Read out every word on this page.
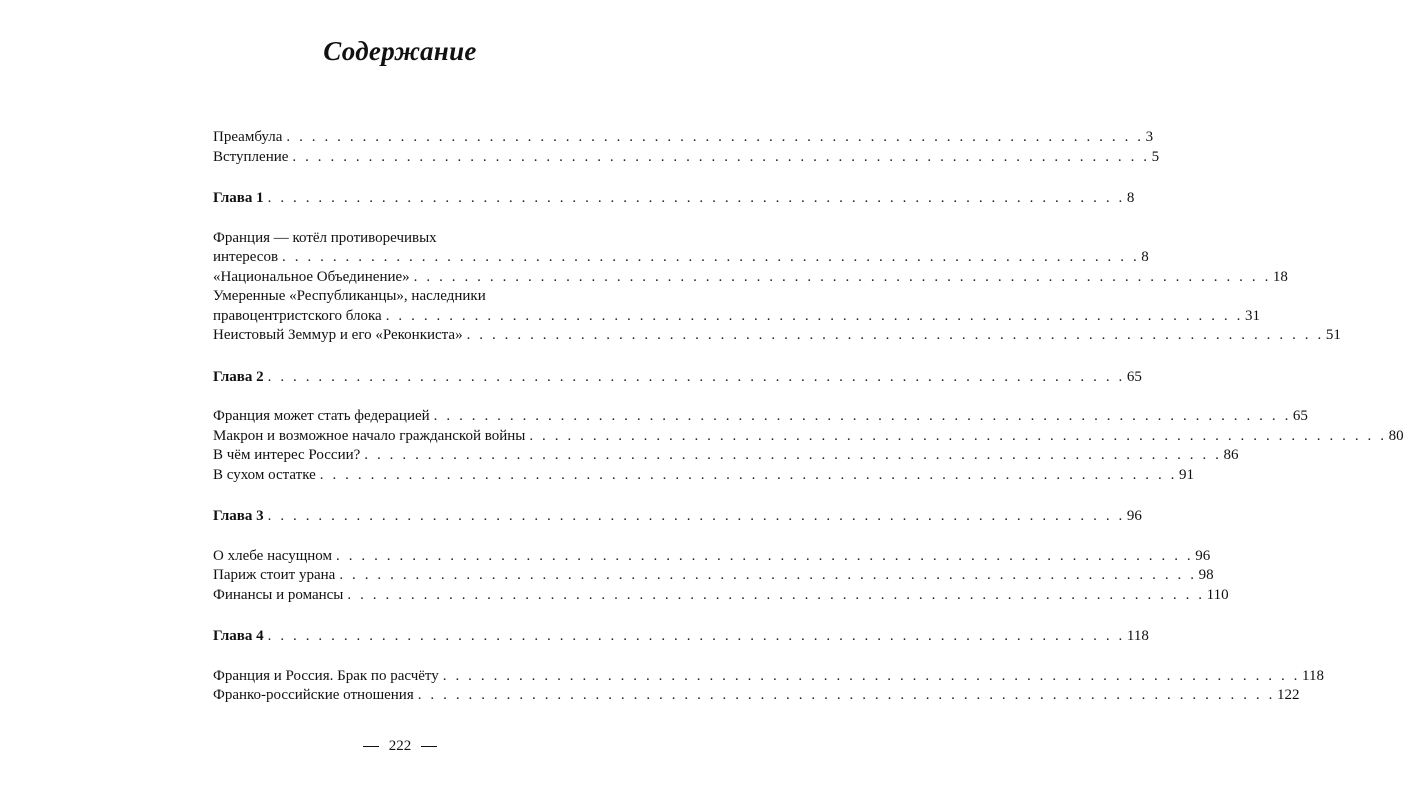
Содержание
Преамбула . . . . . . . . . . . . . . . . . . . . . . . . . . . . . . . . . . . . . . . . . . . . . . . . . . . . . . . . . . . . . . . . . . . . 3
Вступление . . . . . . . . . . . . . . . . . . . . . . . . . . . . . . . . . . . . . . . . . . . . . . . . . . . . . . . . . . . . . . . . . . . . 5
Глава 1 . . . . . . . . . . . . . . . . . . . . . . . . . . . . . . . . . . . . . . . . . . . . . . . . . . . . . . . . . . . . . . . . . . . . 8
Франция — котёл противоречивых
интересов . . . . . . . . . . . . . . . . . . . . . . . . . . . . . . . . . . . . . . . . . . . . . . . . . . . . . . . . . . . . . . . . . . . . 8
«Национальное Объединение» . . . . . . . . . . . . . . . . . . . . . . . . . . . . . . . . . . . . . . . . . . . . . . . . . . . . . . . . . . . . . . . . . . . . 18
Умеренные «Республиканцы», наследники
правоцентристского блока . . . . . . . . . . . . . . . . . . . . . . . . . . . . . . . . . . . . . . . . . . . . . . . . . . . . . . . . . . . . . . . . . . . . 31
Неистовый Земмур и его «Реконкиста» . . . . . . . . . . . . . . . . . . . . . . . . . . . . . . . . . . . . . . . . . . . . . . . . . . . . . . . . . . . . . . . . . . . . 51
Глава 2 . . . . . . . . . . . . . . . . . . . . . . . . . . . . . . . . . . . . . . . . . . . . . . . . . . . . . . . . . . . . . . . . . . . . 65
Франция может стать федерацией . . . . . . . . . . . . . . . . . . . . . . . . . . . . . . . . . . . . . . . . . . . . . . . . . . . . . . . . . . . . . . . . . . . . 65
Макрон и возможное начало гражданской войны . . . . . . . . . . . . . . . . . . . . . . . . . . . . . . . . . . . . . . . . . . . . . . . . . . . . . . . . . . . . . . . . . . . . 80
В чём интерес России? . . . . . . . . . . . . . . . . . . . . . . . . . . . . . . . . . . . . . . . . . . . . . . . . . . . . . . . . . . . . . . . . . . . . 86
В сухом остатке . . . . . . . . . . . . . . . . . . . . . . . . . . . . . . . . . . . . . . . . . . . . . . . . . . . . . . . . . . . . . . . . . . . . 91
Глава 3 . . . . . . . . . . . . . . . . . . . . . . . . . . . . . . . . . . . . . . . . . . . . . . . . . . . . . . . . . . . . . . . . . . . . 96
О хлебе насущном . . . . . . . . . . . . . . . . . . . . . . . . . . . . . . . . . . . . . . . . . . . . . . . . . . . . . . . . . . . . . . . . . . . . 96
Париж стоит урана . . . . . . . . . . . . . . . . . . . . . . . . . . . . . . . . . . . . . . . . . . . . . . . . . . . . . . . . . . . . . . . . . . . . 98
Финансы и романсы . . . . . . . . . . . . . . . . . . . . . . . . . . . . . . . . . . . . . . . . . . . . . . . . . . . . . . . . . . . . . . . . . . . . 110
Глава 4 . . . . . . . . . . . . . . . . . . . . . . . . . . . . . . . . . . . . . . . . . . . . . . . . . . . . . . . . . . . . . . . . . . . . 118
Франция и Россия. Брак по расчёту . . . . . . . . . . . . . . . . . . . . . . . . . . . . . . . . . . . . . . . . . . . . . . . . . . . . . . . . . . . . . . . . . . . . 118
Франко-российские отношения . . . . . . . . . . . . . . . . . . . . . . . . . . . . . . . . . . . . . . . . . . . . . . . . . . . . . . . . . . . . . . . . . . . . 122
222
